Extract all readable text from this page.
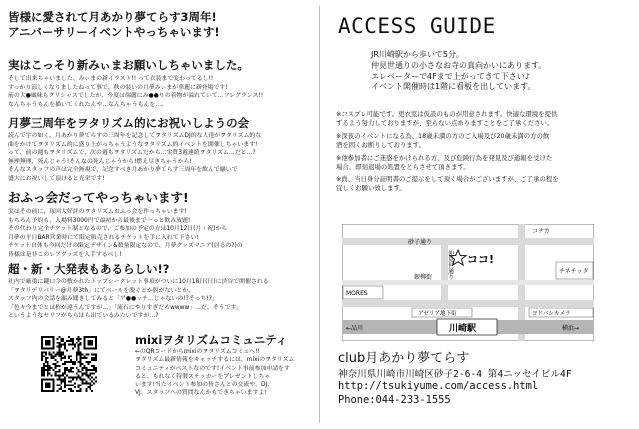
皆様に愛されて月あかり夢てらす3周年!
アニバーサリーイベントやっちゃいます!
実はこっそり新みぃまお願いしちゃいました。
そして出来ちゃいました、みぃまの新イラスト!! って衣装まで変わってるし!!
すっかり涼しくなりましたねって事で、秋の装いの月夢みぃまが華麗に新登場です!
前の大●風味もグリシャスでしたが、今度は端麗にみ●●りの着物が溢れていて…フレグランス!!
なんちゃうもんを描いてくれたんや…なんちゃうもんを…。
月夢三周年をヲタリズム的にお祝いしようの会
読んで字の如く、月あかり夢てらすの三周年を記念してヲタリズムDJ的な人達がヲタリズム的な
曲をかけてヲタリズム的に盛り上がっちゃうようなヲタリズム的イベントを開催しちゃいます!
って、前の週もヲタリズムで、次の週もヲタリズムだから…実質3週連続ヲタリズム…だと…?
無理無理、死んじゃう!そんなの死んじゃうから!燃え尽きちゃうから!
そんなスタッフの声は完全無視で、記念すべき月あかり夢てらす三周年を飲んで騒いで
盛大にお祝いして頂けると光栄です!
おふっ会だってやっちゃいます!
実はその前に、毎回大好評のヲタリズムおふっ会を作っちゃいます!
もちろん予約も、入場料3000円で最初から最後まで一っと飲み放題!
その代わり完全チケット制となるので、ご参加の予定の方は10月12日(月・祝)から
月夢の平日BAR営業時にて限定販売されるチケットを手に入れて下さい!
チケット自体も今回だけの限定デザイン&数量限定なので、月夢グッズマニア(居るの?)の
皆様は是非このレアグッズを入手するべし!
超・新・大発表もあるらしい!?
社内で厳重に鍵口令の敷かれたトップシークレット事項がついに10月18日(日)に渋谷で開催される
「ヲタリデリバリー@月夢3th」にてベールを脱ぐとか脱がないとか。
スタッフ内の会話を漏み聞きしてみると「ア●●ッチ…じゃないの!?そっち!?」
「色々今までとは桁が違うんですが…」「流石にやりすぎだろwwww」…だ、そうです。
というようなセリフがちらほら出ているみたいですが…?
mixiヲタリズムコミュニティ
←のQRコードからmixiのヲタリズムコミュへ!!
ヲタリズム最新情報をキャッチするには、mixiのヲタリズム
コミュニティがベストなのです!イベント事前参加申請をす
ると、もれなく特製ステッカーをプレゼントしちゃ
います!当たイベント参加の皆さんとの交流や、DJ、
VJ、スタッフへの質問なんかもできちゃいますよ!
ACCESS GUIDE
JR川崎駅から歩いて5分。
仲見世通りの小さなお寺の真向かいにあります。
エレベーターで4Fまで上がってきて下さい♪
イベント開催時は1階に看板を出しています。
※コスプレ可能です。更衣室は仮設のものが用意されます。快適な環境を提供
するよう努力しておりますが、至らない点ありますことをご了承ください。
※深夜のイベントになる為、18歳未満の方のご入場及び20歳未満の方の飲
酒を固くお断りしております。
※他参加者にご迷惑をかけられる方、及び危険行為を発見及び通報を受けた
場合、即刻退場の処置をとらさせて頂きます。
※尚、当日身分証明書のご提示をして頂く場合がございますが、ご了承の程を
宜しくお願い致します。
砂子通り
コナカ
ココ!
仲見世通り
銀柳街
チネチッタ
MORES
アゼリア地下街	ヨドバシカメラ
川崎駅
←品川	横浜→
club月あかり夢てらす
神奈川県川崎市川崎区砂子2-6-4 第4ニッセイビル4F
http://tsukiyume.com/access.html
Phone:044-233-1555
